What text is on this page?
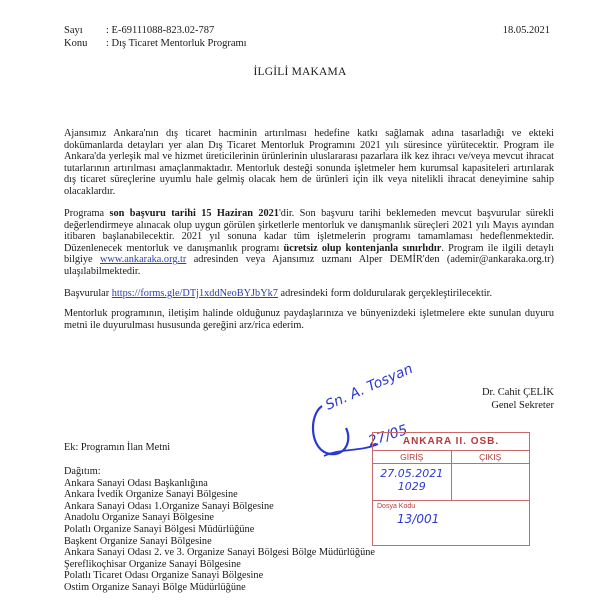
Sayı : E-69111088-823.02-787
Konu : Dış Ticaret Mentorluk Programı
18.05.2021
İLGİLİ MAKAMA
Ajansımız Ankara'nın dış ticaret hacminin artırılması hedefine katkı sağlamak adına tasarladığı ve ekteki dokümanlarda detayları yer alan Dış Ticaret Mentorluk Programını 2021 yılı süresince yürütecektir. Program ile Ankara'da yerleşik mal ve hizmet üreticilerinin ürünlerinin uluslararası pazarlara ilk kez ihracı ve/veya mevcut ihracat tutarlarının artırılması amaçlanmaktadır. Mentorluk desteği sonunda işletmeler hem kurumsal kapasiteleri artırılarak dış ticaret süreçlerine uyumlu hale gelmiş olacak hem de ürünleri için ilk veya nitelikli ihracat deneyimine sahip olacaklardır.
Programa son başvuru tarihi 15 Haziran 2021'dir. Son başvuru tarihi beklemeden mevcut başvurular sürekli değerlendirmeye alınacak olup uygun görülen şirketlerle mentorluk ve danışmanlık süreçleri 2021 yılı Mayıs ayından itibaren başlanabilecektir. 2021 yıl sonuna kadar tüm işletmelerin programı tamamlaması hedeflenmektedir. Düzenlenecek mentorluk ve danışmanlık programı ücretsiz olup kontenjanla sınırlıdır. Program ile ilgili detaylı bilgiye www.ankaraka.org.tr adresinden veya Ajansımız uzmanı Alper DEMİR'den (ademir@ankaraka.org.tr) ulaşılabilmektedir.
Başvurular https://forms.gle/DTj1xddNeoBYJbYk7 adresindeki form doldurularak gerçekleştirilecektir.
Mentorluk programının, iletişim halinde olduğunuz paydaşlarınıza ve bünyenizdeki işletmelere ekte sunulan duyuru metni ile duyurulması hususunda gereğini arz/rica ederim.
Sn. A. Tosyan
27/05
Dr. Cahit ÇELİK
Genel Sekreter
Ek: Programın İlan Metni
Dağıtım:
Ankara Sanayi Odası Başkanlığına
Ankara İvedik Organize Sanayi Bölgesine
Ankara Sanayi Odası 1.Organize Sanayi Bölgesine
Anadolu Organize Sanayi Bölgesine
Polatlı Organize Sanayi Bölgesi Müdürlüğüne
Başkent Organize Sanayi Bölgesine
Ankara Sanayi Odası 2. ve 3. Organize Sanayi Bölgesi Bölge Müdürlüğüne
Şereflikoçhisar Organize Sanayi Bölgesine
Polatlı Ticaret Odası Organize Sanayi Bölgesine
Ostim Organize Sanayi Bölge Müdürlüğüne
ANKARA II. OSB.
GİRİŞ	ÇIKIŞ
27.05.2021
1029
Dosya Kodu
13/001
